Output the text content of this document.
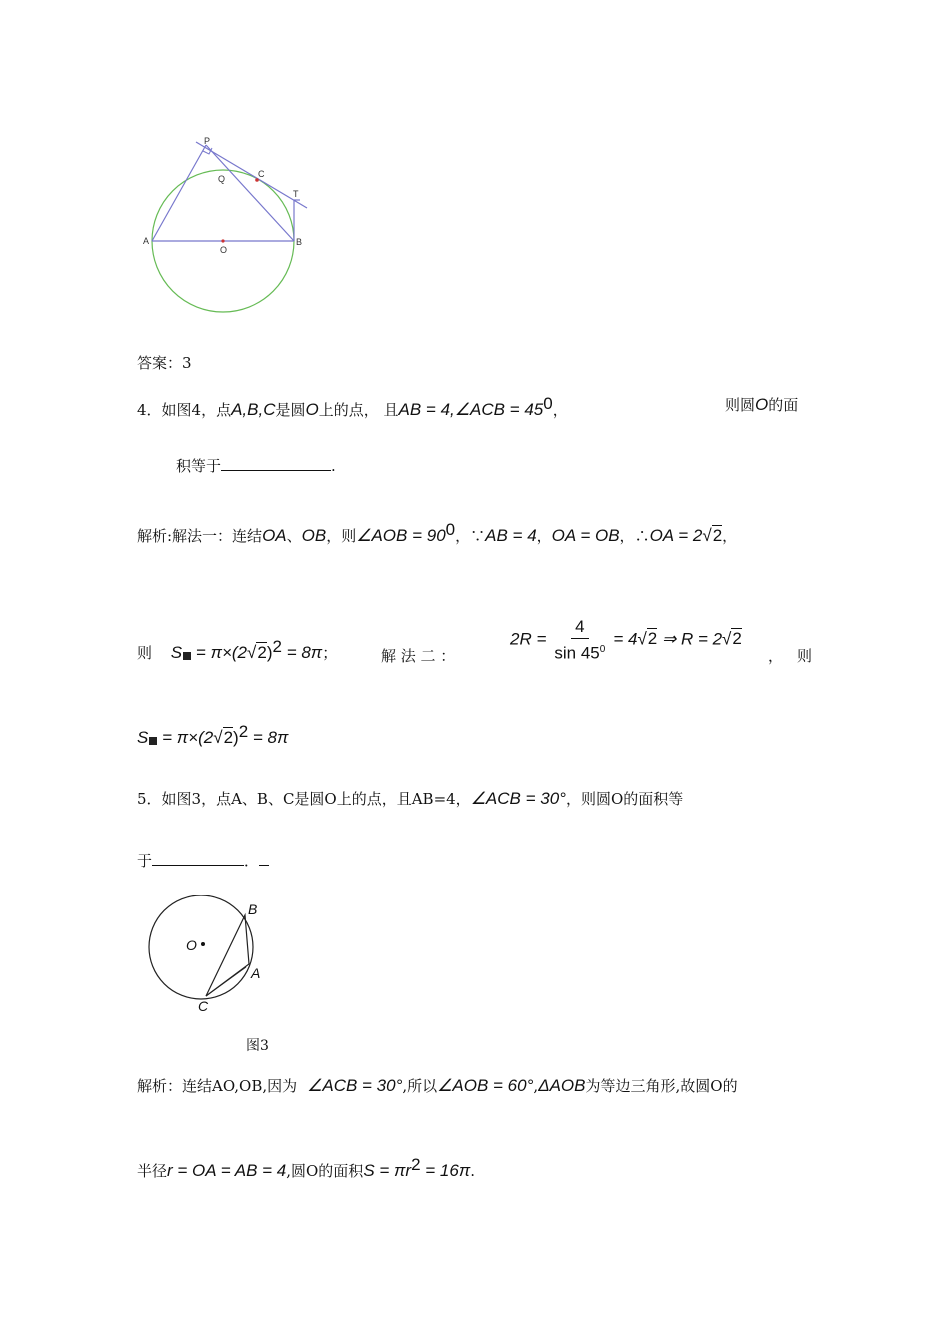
P
Q	C
T
A
O
B
答案：3
4．如图4，点A,B,C是圆O上的点， 且AB = 4,∠ACB = $45^0$，	则圆O的面
积等于	.
解析:解法一：连结OA、OB，则∠AOB = $90^0$，∵AB = 4，OA = OB，∴OA = 2√2，
则 $S = \pi\times(2√2)^2 = 8\pi$；	解 法 二 ：
$2R = \frac{4}{\sin 45^0} = 4√2$ ⇒ R = 2√2
， 则
$S = \pi\times(2√2)^2 = 8\pi$
5．如图3，点A、B、C是圆O上的点，且AB=4，∠ACB = 30°，则圆O的面积等
于	．
O
B
A
C
图3
解析：连结AO,OB,因为 ∠ACB = 30°,所以∠AOB = 60°,ΔAOB为等边三角形,故圆O的
半径r = OA = AB = 4,圆O的面积$S = \pi r^2 = 16\pi$.
